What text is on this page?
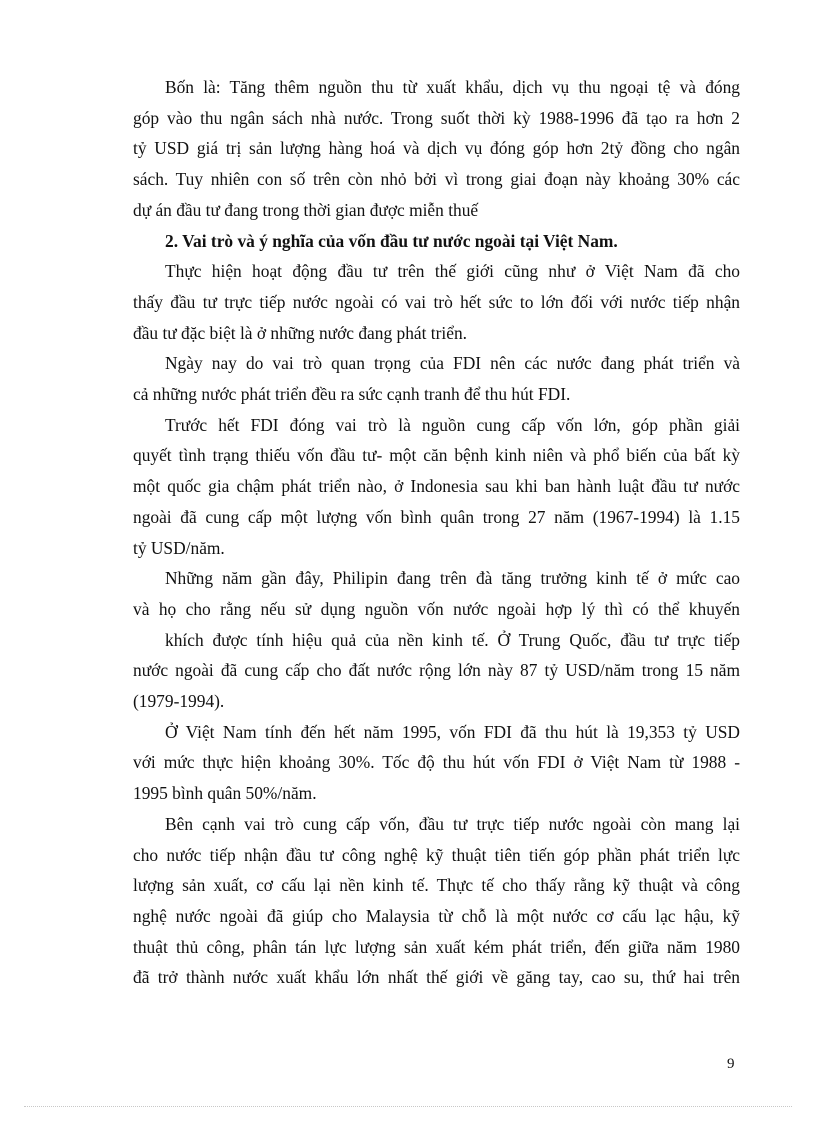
Bốn là: Tăng thêm nguồn thu từ xuất khẩu, dịch vụ thu ngoại tệ và đóng
góp vào thu ngân sách nhà nước. Trong suốt thời kỳ 1988-1996 đã tạo ra hơn 2
tỷ USD giá trị sản lượng hàng hoá và dịch vụ đóng góp hơn 2tỷ đồng cho ngân
sách. Tuy nhiên con số trên còn nhỏ bởi vì trong giai đoạn này khoảng 30% các
dự án đầu tư đang trong thời gian được miễn thuế

2. Vai trò và ý nghĩa của vốn đầu tư nước ngoài tại Việt Nam.

Thực hiện hoạt động đầu tư trên thế giới cũng như ở Việt Nam đã cho
thấy đầu tư trực tiếp nước ngoài có vai trò hết sức to lớn đối với nước tiếp nhận
đầu tư đặc biệt là ở những nước đang phát triển.

Ngày nay do vai trò quan trọng của FDI nên các nước đang phát triển và
cả những nước phát triển đều ra sức cạnh tranh để thu hút FDI.

Trước hết FDI đóng vai trò là nguồn cung cấp vốn lớn, góp phần giải
quyết tình trạng thiếu vốn đầu tư- một căn bệnh kinh niên và phổ biến của bất kỳ
một quốc gia chậm phát triển nào, ở Indonesia sau khi ban hành luật đầu tư nước
ngoài đã cung cấp một lượng vốn bình quân trong 27 năm (1967-1994) là 1.15
tỷ USD/năm.

Những năm gần đây, Philipin đang trên đà tăng trưởng kinh tế ở mức cao
và họ cho rằng nếu sử dụng nguồn vốn nước ngoài hợp lý thì có thể khuyến

khích được tính hiệu quả của nền kinh tế. Ở Trung Quốc, đầu tư trực tiếp
nước ngoài đã cung cấp cho đất nước rộng lớn này 87 tỷ USD/năm trong 15 năm
(1979-1994).

Ở Việt Nam tính đến hết năm 1995, vốn FDI đã thu hút là 19,353 tỷ USD
với mức thực hiện khoảng 30%. Tốc độ thu hút vốn FDI ở Việt Nam từ 1988 -
1995 bình quân 50%/năm.

Bên cạnh vai trò cung cấp vốn, đầu tư trực tiếp nước ngoài còn mang lại
cho nước tiếp nhận đầu tư công nghệ kỹ thuật tiên tiến góp phần phát triển lực
lượng sản xuất, cơ cấu lại nền kinh tế. Thực tế cho thấy rằng kỹ thuật và công
nghệ nước ngoài đã giúp cho Malaysia từ chỗ là một nước cơ cấu lạc hậu, kỹ
thuật thủ công, phân tán lực lượng sản xuất kém phát triển, đến giữa năm 1980
đã trở thành nước xuất khẩu lớn nhất thế giới về găng tay, cao su, thứ hai trên

9
